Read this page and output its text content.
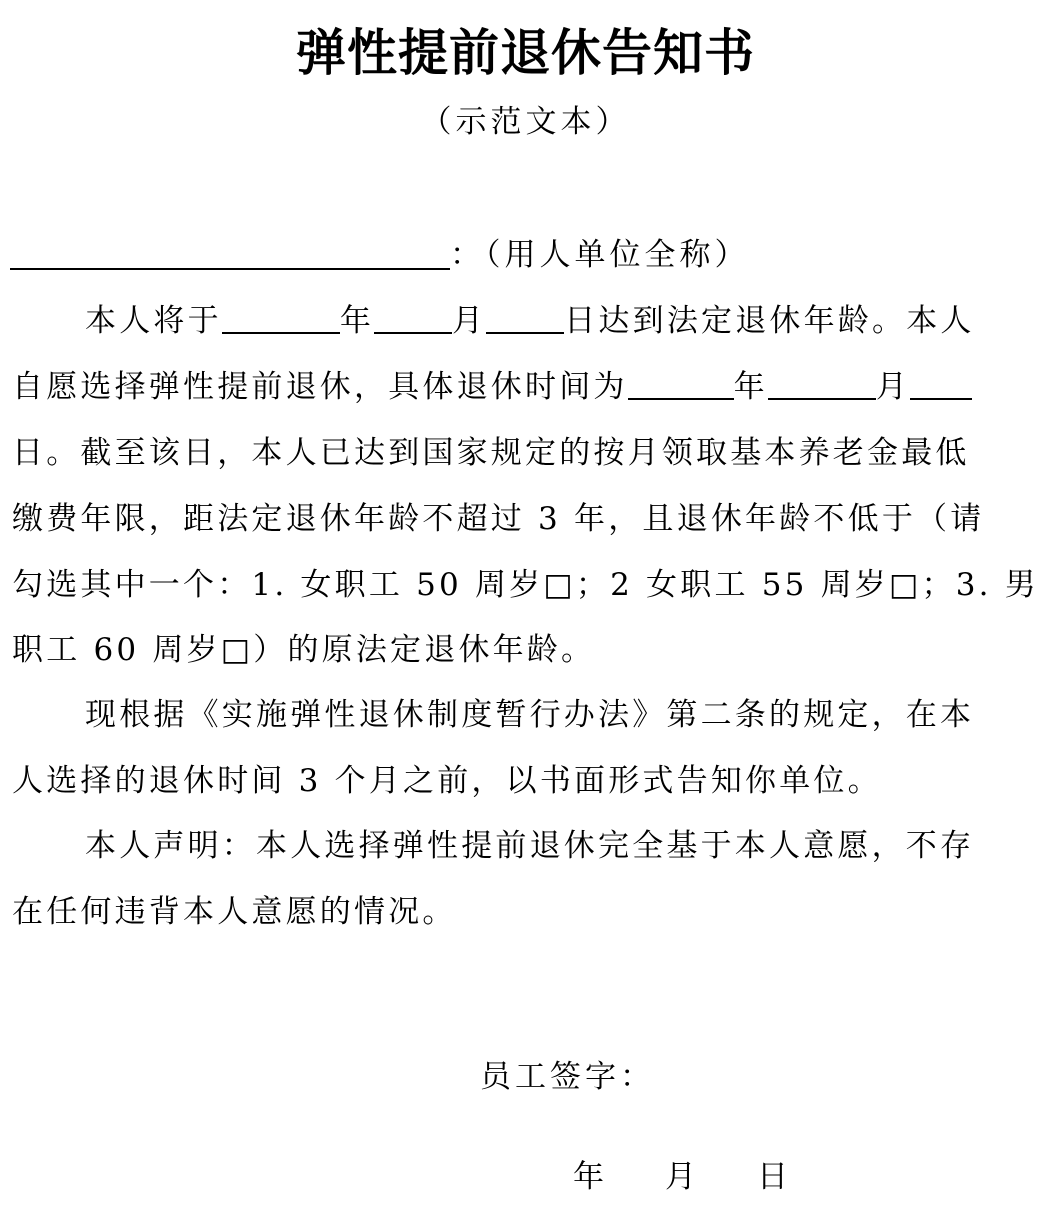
弹性提前退休告知书
（示范文本）
：（用人单位全称）
本人将于	年	月	日达到法定退休年龄。本人
自愿选择弹性提前退休，具体退休时间为	年	月
日。截至该日，本人已达到国家规定的按月领取基本养老金最低
缴费年限，距法定退休年龄不超过 3 年，且退休年龄不低于（请
勾选其中一个：1. 女职工 50 周岁□；2 女职工 55 周岁□；3. 男
职工 60 周岁□）的原法定退休年龄。
现根据《实施弹性退休制度暂行办法》第二条的规定，在本
人选择的退休时间 3 个月之前，以书面形式告知你单位。
本人声明：本人选择弹性提前退休完全基于本人意愿，不存
在任何违背本人意愿的情况。
员工签字：
年 月 日
